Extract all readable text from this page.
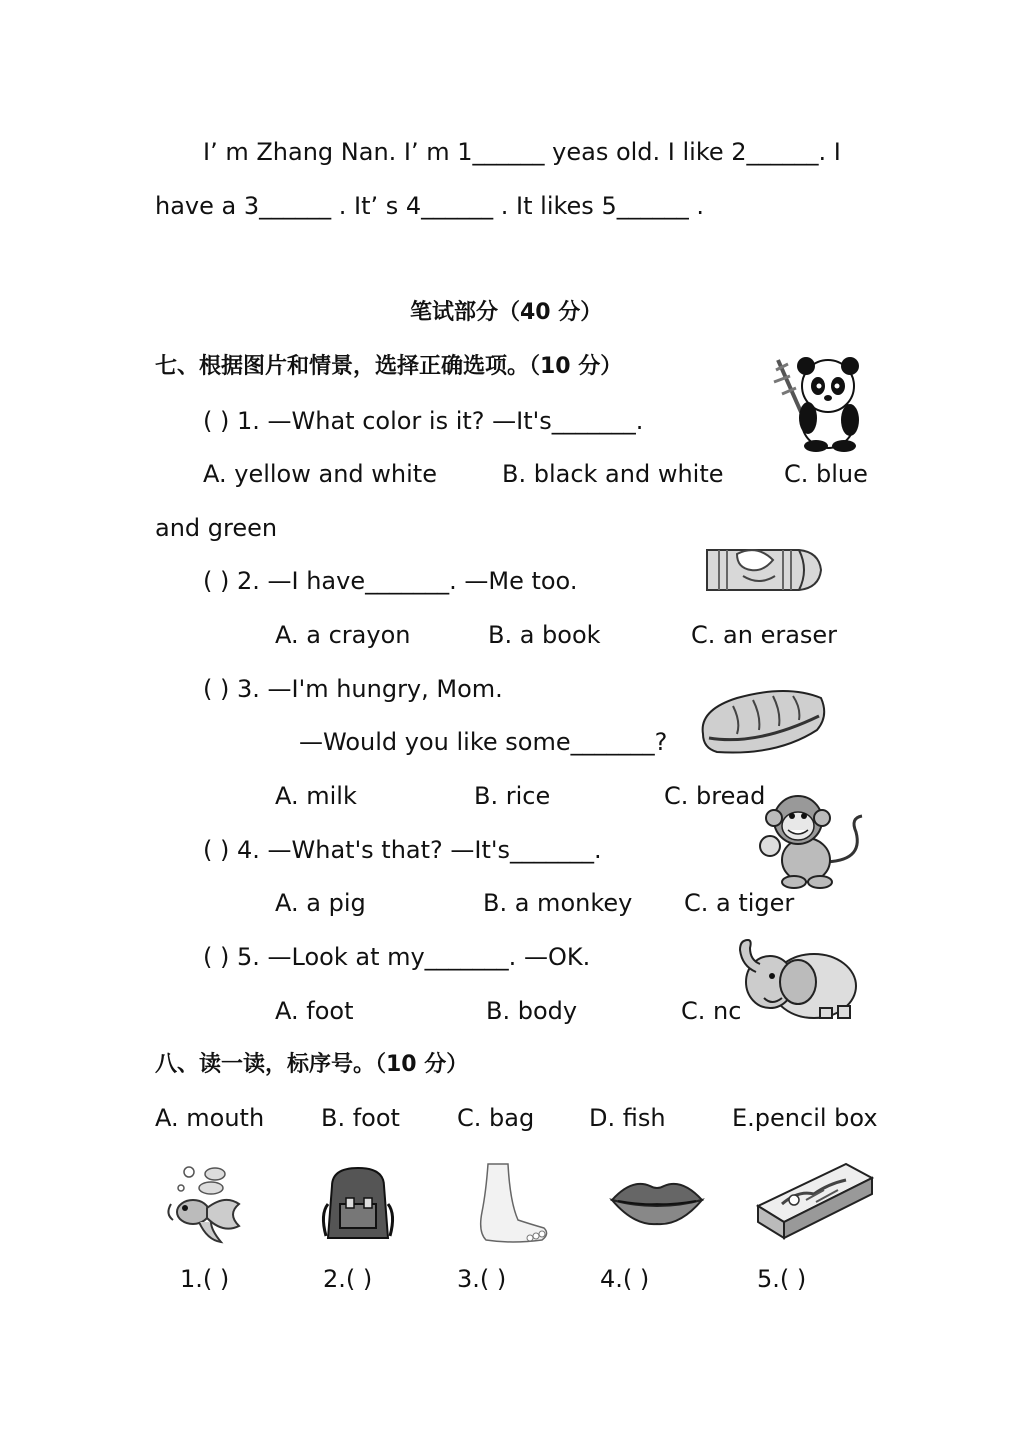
I’ m Zhang Nan. I’ m 1______ yeas old. I like 2______. I
have a 3______ . It’ s 4______ . It likes 5______ .
笔试部分（40 分）
七、根据图片和情景，选择正确选项。（10 分）
( ) 1. —What color is it? —It's_______.
A. yellow and white	B. black and white	C. blue
and green
( ) 2. —I have_______. —Me too.
A. a crayon	B. a book	C. an eraser
( ) 3. —I'm hungry, Mom.
—Would you like some_______?
A. milk	B. rice	C. bread
( ) 4. —What's that? —It's_______.
A. a pig	B. a monkey C. a tiger
( ) 5. —Look at my_______. —OK.
A. foot	B. body	C. nc
八、读一读，标序号。（10 分）
A. mouth B. foot C. bag D. fish	E.pencil box
1.( )	2.( )	3.( )	4.( )	5.( )
